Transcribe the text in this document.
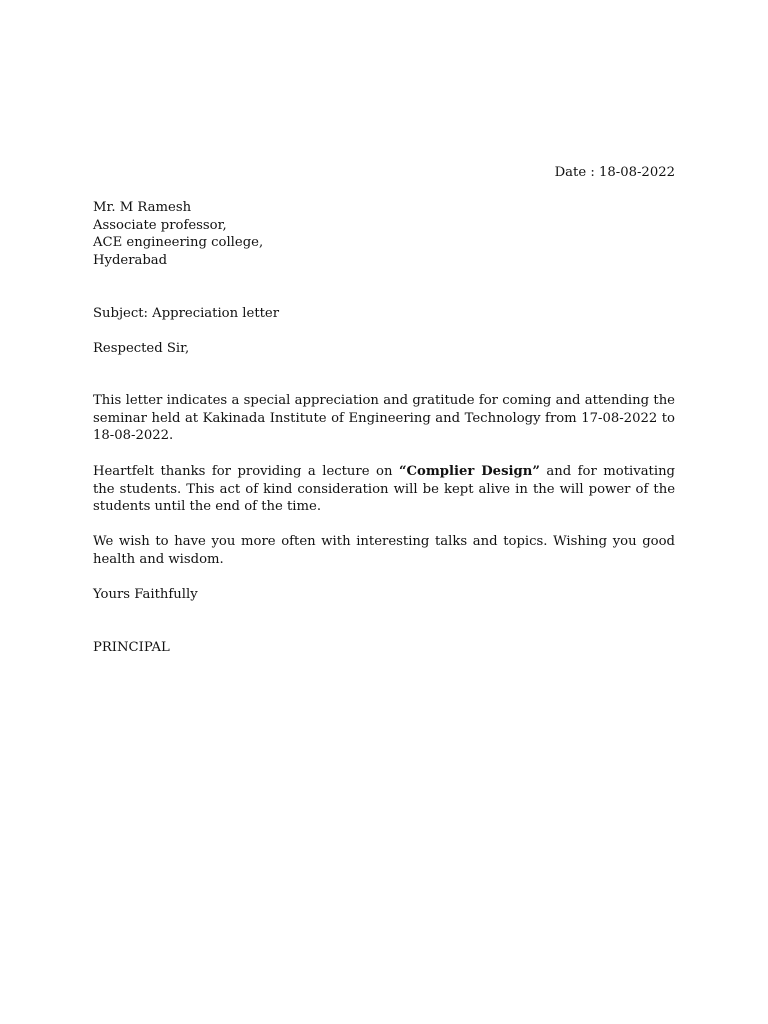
Date : 18-08-2022
Mr. M Ramesh
Associate professor,
ACE engineering college,
Hyderabad
Subject: Appreciation letter
Respected Sir,
This letter indicates a special appreciation and gratitude for coming and attending the seminar held at Kakinada Institute of Engineering and Technology from 17-08-2022 to 18-08-2022.
Heartfelt thanks for providing a lecture on “Complier Design” and for motivating the students. This act of kind consideration will be kept alive in the will power of the students until the end of the time.
We wish to have you more often with interesting talks and topics. Wishing you good health and wisdom.
Yours Faithfully
PRINCIPAL
